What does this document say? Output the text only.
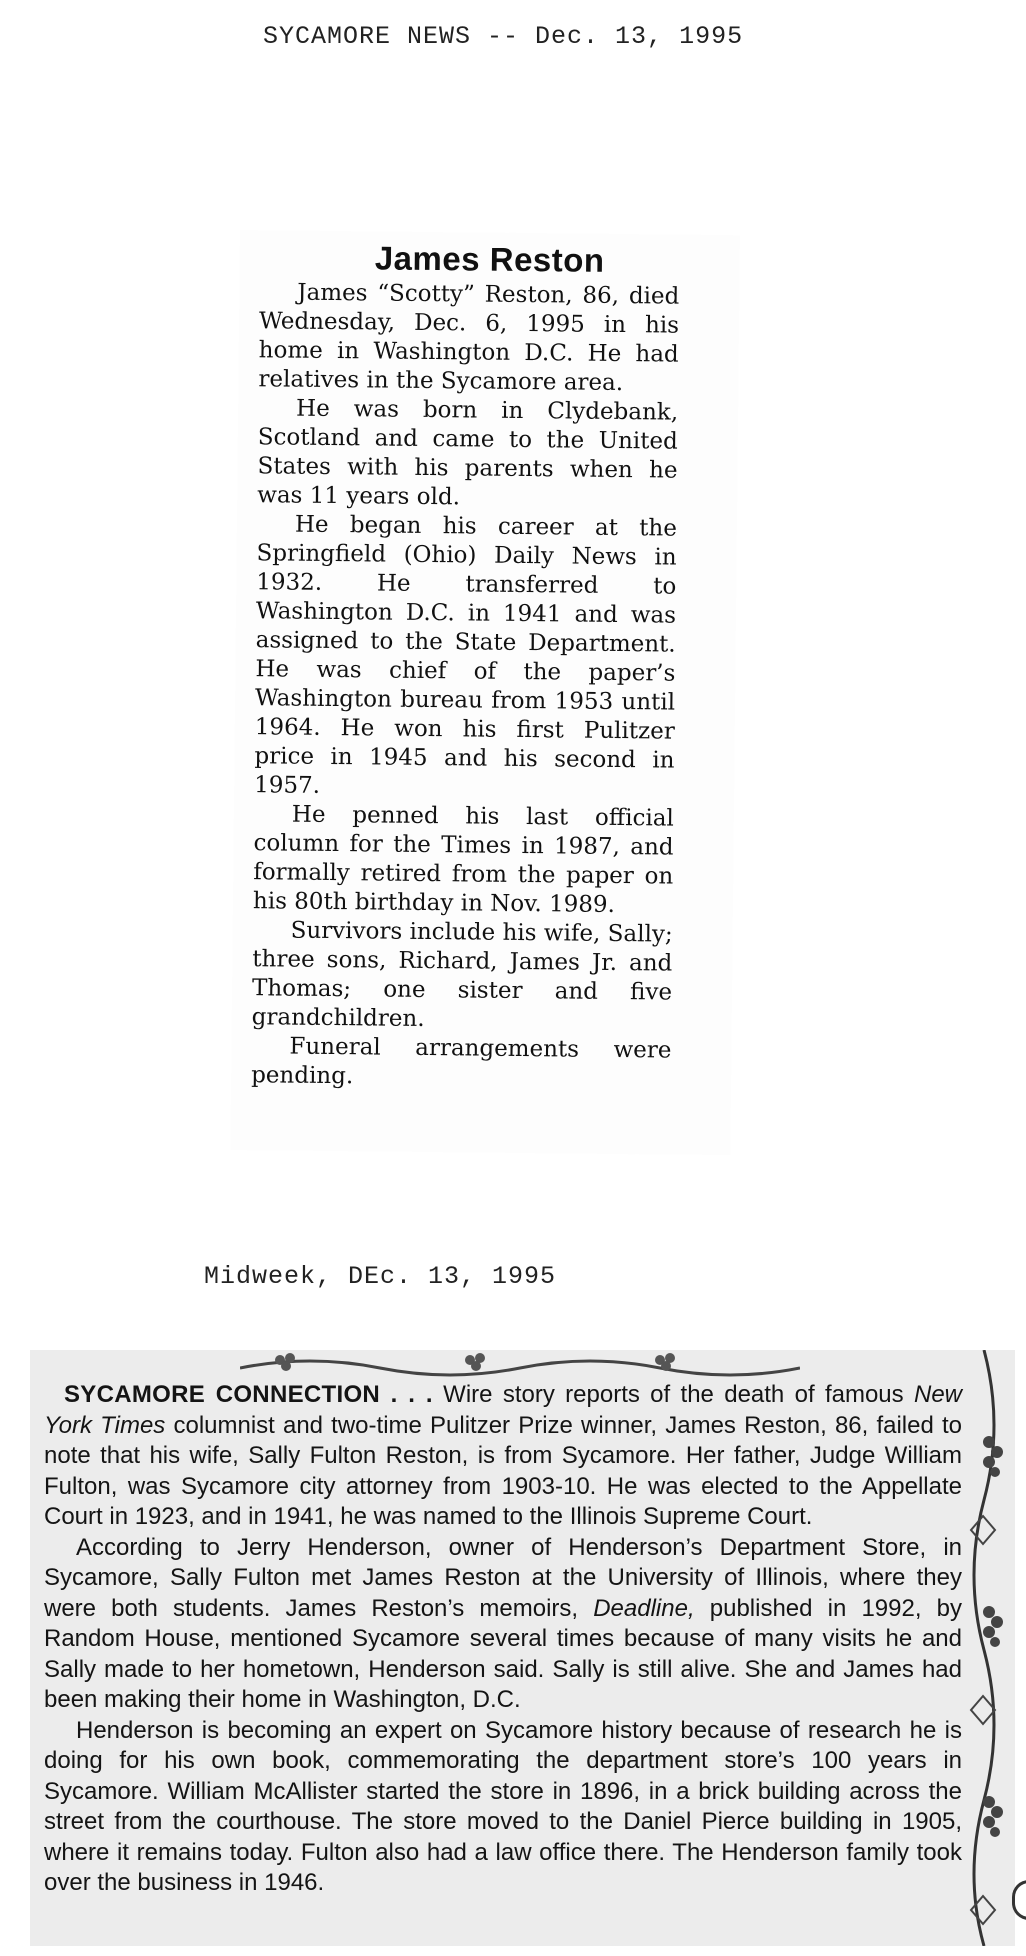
SYCAMORE NEWS -- Dec. 13, 1995
James Reston

James “Scotty” Reston, 86, died Wednesday, Dec. 6, 1995 in his home in Washington D.C. He had relatives in the Sycamore area.

He was born in Clydebank, Scotland and came to the United States with his parents when he was 11 years old.

He began his career at the Springfield (Ohio) Daily News in 1932. He transferred to Washington D.C. in 1941 and was assigned to the State Department. He was chief of the paper’s Washington bureau from 1953 until 1964. He won his first Pulitzer price in 1945 and his second in 1957.

He penned his last official column for the Times in 1987, and formally retired from the paper on his 80th birthday in Nov. 1989.

Survivors include his wife, Sally; three sons, Richard, James Jr. and Thomas; one sister and five grandchildren.

Funeral arrangements were pending.

Midweek, DEc. 13, 1995

SYCAMORE CONNECTION . . . Wire story reports of the death of famous New York Times columnist and two-time Pulitzer Prize winner, James Reston, 86, failed to note that his wife, Sally Fulton Reston, is from Sycamore. Her father, Judge William Fulton, was Sycamore city attorney from 1903-10. He was elected to the Appellate Court in 1923, and in 1941, he was named to the Illinois Supreme Court.

According to Jerry Henderson, owner of Henderson’s Department Store, in Sycamore, Sally Fulton met James Reston at the University of Illinois, where they were both students. James Reston’s memoirs, Deadline, published in 1992, by Random House, mentioned Sycamore several times because of many visits he and Sally made to her hometown, Henderson said. Sally is still alive. She and James had been making their home in Washington, D.C.

Henderson is becoming an expert on Sycamore history because of research he is doing for his own book, commemorating the department store’s 100 years in Sycamore. William McAllister started the store in 1896, in a brick building across the street from the courthouse. The store moved to the Daniel Pierce building in 1905, where it remains today. Fulton also had a law office there. The Henderson family took over the business in 1946.
